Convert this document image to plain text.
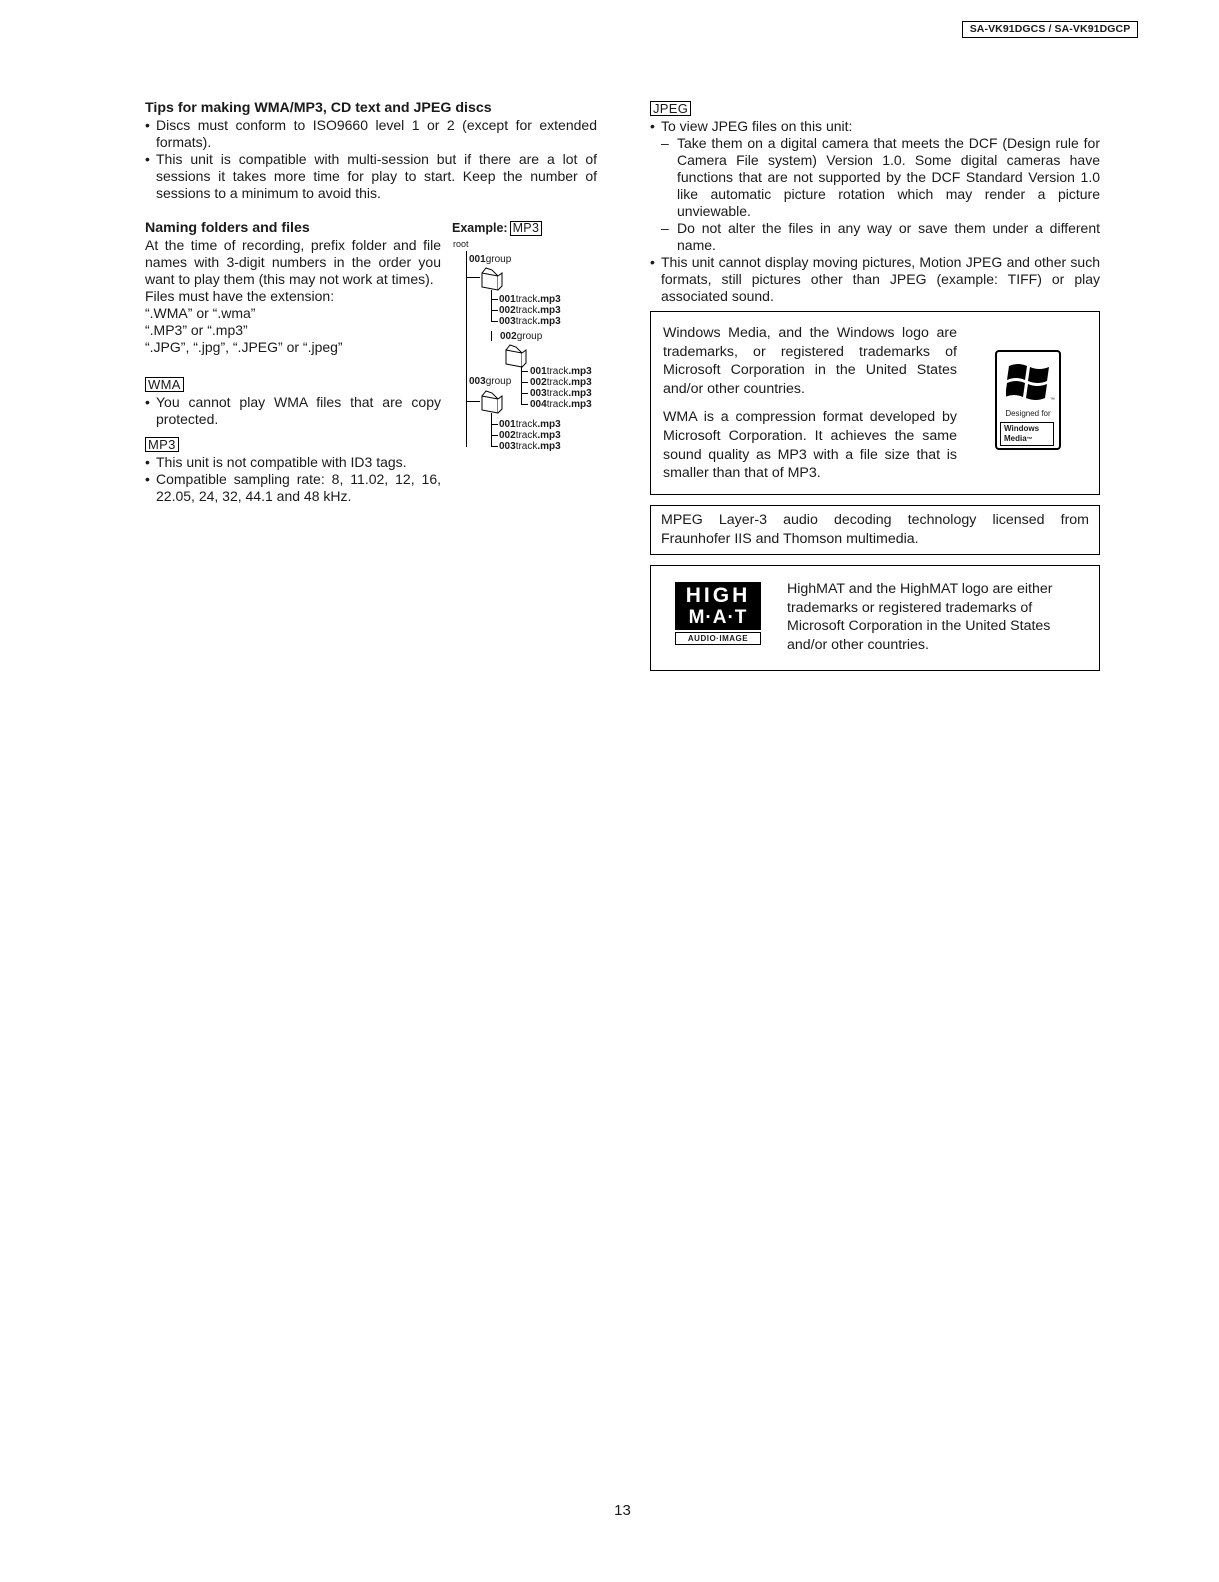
SA-VK91DGCS / SA-VK91DGCP
Tips for making WMA/MP3, CD text and JPEG discs
• Discs must conform to ISO9660 level 1 or 2 (except for extended formats).
• This unit is compatible with multi-session but if there are a lot of sessions it takes more time for play to start. Keep the number of sessions to a minimum to avoid this.
Naming folders and files

At the time of recording, prefix folder and file names with 3-digit numbers in the order you want to play them (this may not work at times).

Files must have the extension:

“.WMA” or “.wma”

“.MP3” or “.mp3”

“.JPG”, “.jpg”, “.JPEG” or “.jpeg”

WMA
• You cannot play WMA files that are copy protected.
MP3
• This unit is not compatible with ID3 tags.
• Compatible sampling rate: 8, 11.02, 12, 16, 22.05, 24, 32, 44.1 and 48 kHz.
Example: MP3
root
001group
001track.mp3
002track.mp3
003track.mp3
002group
001track.mp3
002track.mp3
003track.mp3
004track.mp3
003group
001track.mp3
002track.mp3
003track.mp3
JPEG
• To view JPEG files on this unit:
– Take them on a digital camera that meets the DCF (Design rule for Camera File system) Version 1.0. Some digital cameras have functions that are not supported by the DCF Standard Version 1.0 like automatic picture rotation which may render a picture unviewable.
– Do not alter the files in any way or save them under a different name.
• This unit cannot display moving pictures, Motion JPEG and other such formats, still pictures other than JPEG (example: TIFF) or play associated sound.

Windows Media, and the Windows logo are trademarks, or registered trademarks of Microsoft Corporation in the United States and/or other countries.

WMA is a compression format developed by Microsoft Corporation. It achieves the same sound quality as MP3 with a file size that is smaller than that of MP3.

™
Designed for
Windows
Media™

MPEG Layer-3 audio decoding technology licensed from Fraunhofer IIS and Thomson multimedia.

HIGH
M·A·T
AUDIO·IMAGE

HighMAT and the HighMAT logo are either trademarks or registered trademarks of Microsoft Corporation in the United States and/or other countries.

13
